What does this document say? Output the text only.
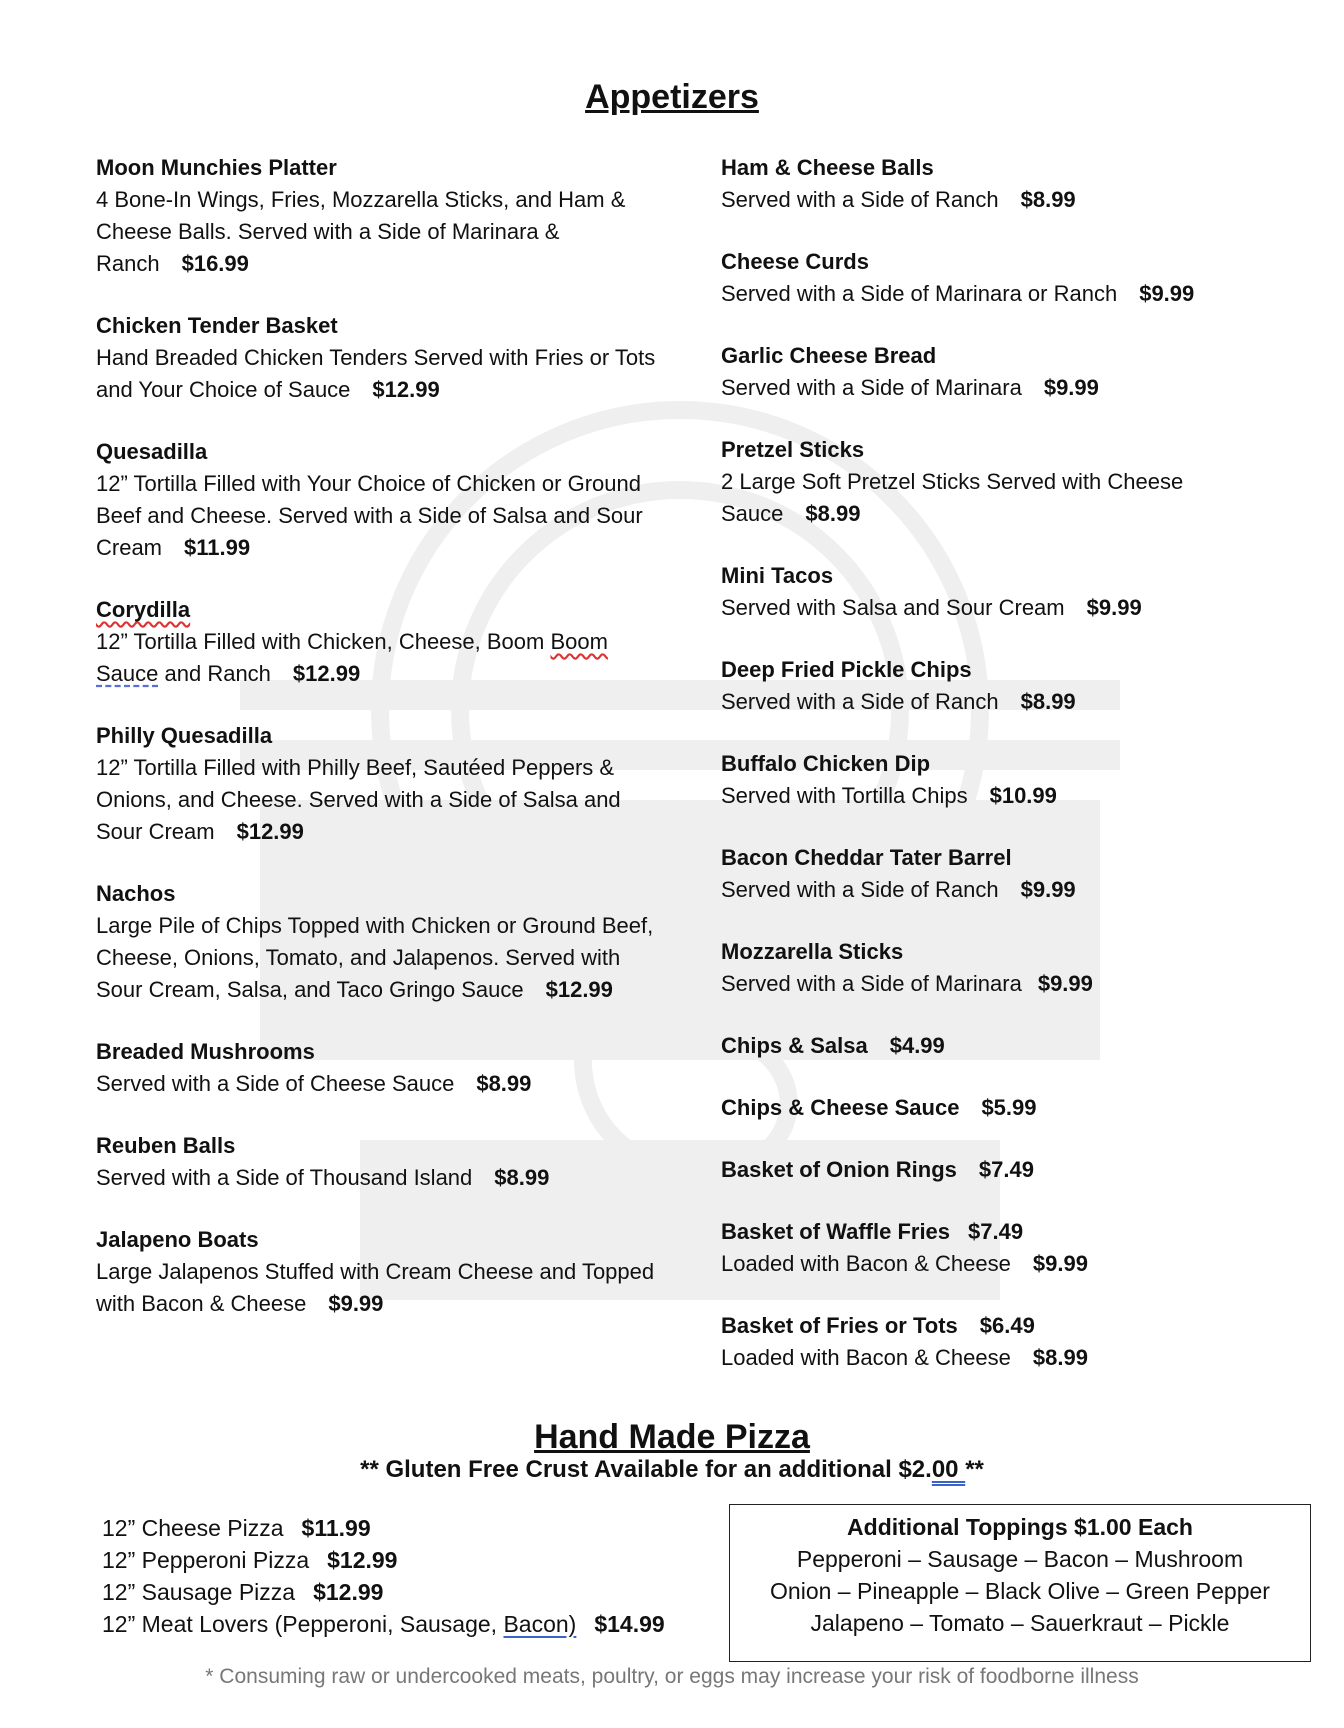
Appetizers
Moon Munchies Platter
4 Bone-In Wings, Fries, Mozzarella Sticks, and Ham & Cheese Balls. Served with a Side of Marinara & Ranch $16.99
Chicken Tender Basket
Hand Breaded Chicken Tenders Served with Fries or Tots and Your Choice of Sauce $12.99
Quesadilla
12” Tortilla Filled with Your Choice of Chicken or Ground Beef and Cheese. Served with a Side of Salsa and Sour Cream $11.99
Corydilla
12” Tortilla Filled with Chicken, Cheese, Boom Boom Sauce and Ranch $12.99
Philly Quesadilla
12” Tortilla Filled with Philly Beef, Sautéed Peppers & Onions, and Cheese. Served with a Side of Salsa and Sour Cream $12.99
Nachos
Large Pile of Chips Topped with Chicken or Ground Beef, Cheese, Onions, Tomato, and Jalapenos. Served with Sour Cream, Salsa, and Taco Gringo Sauce $12.99
Breaded Mushrooms
Served with a Side of Cheese Sauce $8.99
Reuben Balls
Served with a Side of Thousand Island $8.99
Jalapeno Boats
Large Jalapenos Stuffed with Cream Cheese and Topped with Bacon & Cheese $9.99
Ham & Cheese Balls
Served with a Side of Ranch $8.99
Cheese Curds
Served with a Side of Marinara or Ranch $9.99
Garlic Cheese Bread
Served with a Side of Marinara $9.99
Pretzel Sticks
2 Large Soft Pretzel Sticks Served with Cheese Sauce $8.99
Mini Tacos
Served with Salsa and Sour Cream $9.99
Deep Fried Pickle Chips
Served with a Side of Ranch $8.99
Buffalo Chicken Dip
Served with Tortilla Chips $10.99
Bacon Cheddar Tater Barrel
Served with a Side of Ranch $9.99
Mozzarella Sticks
Served with a Side of Marinara $9.99
Chips & Salsa $4.99
Chips & Cheese Sauce $5.99
Basket of Onion Rings $7.49
Basket of Waffle Fries $7.49
Loaded with Bacon & Cheese $9.99
Basket of Fries or Tots $6.49
Loaded with Bacon & Cheese $8.99
Hand Made Pizza
** Gluten Free Crust Available for an additional $2.00 **
12” Cheese Pizza $11.99
12” Pepperoni Pizza $12.99
12” Sausage Pizza $12.99
12” Meat Lovers (Pepperoni, Sausage, Bacon) $14.99
Additional Toppings $1.00 Each
Pepperoni – Sausage – Bacon – Mushroom
Onion – Pineapple – Black Olive – Green Pepper
Jalapeno – Tomato – Sauerkraut – Pickle
* Consuming raw or undercooked meats, poultry, or eggs may increase your risk of foodborne illness
